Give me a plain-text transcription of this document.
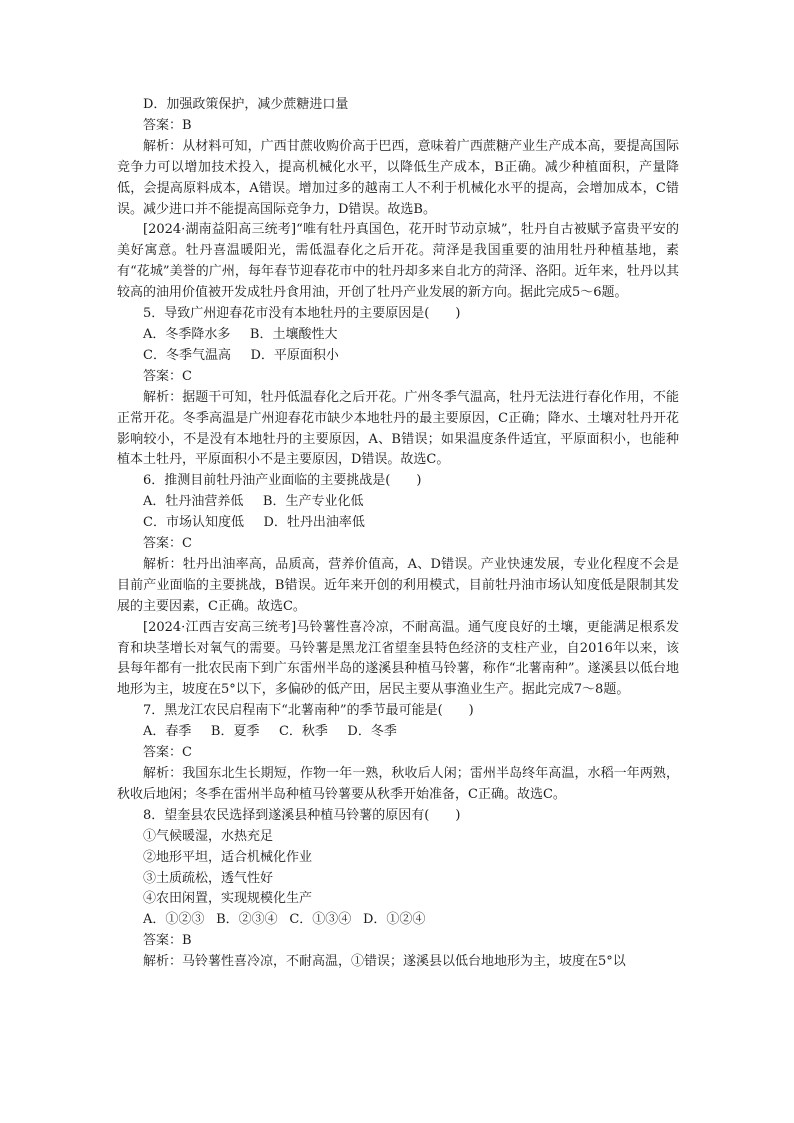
D．加强政策保护，减少蔗糖进口量

答案：B

解析：从材料可知，广西甘蔗收购价高于巴西，意味着广西蔗糖产业生产成本高，要提高国际竞争力可以增加技术投入，提高机械化水平，以降低生产成本，B正确。减少种植面积，产量降低，会提高原料成本，A错误。增加过多的越南工人不利于机械化水平的提高，会增加成本，C错误。减少进口并不能提高国际竞争力，D错误。故选B。

[2024·湖南益阳高三统考]“唯有牡丹真国色，花开时节动京城”，牡丹自古被赋予富贵平安的美好寓意。牡丹喜温暖阳光，需低温春化之后开花。菏泽是我国重要的油用牡丹种植基地，素有“花城”美誉的广州，每年春节迎春花市中的牡丹却多来自北方的菏泽、洛阳。近年来，牡丹以其较高的油用价值被开发成牡丹食用油，开创了牡丹产业发展的新方向。据此完成5～6题。

5．导致广州迎春花市没有本地牡丹的主要原因是(　　)

A．冬季降水多 B．土壤酸性大

C．冬季气温高 D．平原面积小

答案：C

解析：据题干可知，牡丹低温春化之后开花。广州冬季气温高，牡丹无法进行春化作用，不能正常开花。冬季高温是广州迎春花市缺少本地牡丹的最主要原因，C正确；降水、土壤对牡丹开花影响较小，不是没有本地牡丹的主要原因，A、B错误；如果温度条件适宜，平原面积小，也能种植本土牡丹，平原面积小不是主要原因，D错误。故选C。

6．推测目前牡丹油产业面临的主要挑战是(　　)

A．牡丹油营养低 B．生产专业化低

C．市场认知度低 D．牡丹出油率低

答案：C

解析：牡丹出油率高，品质高，营养价值高，A、D错误。产业快速发展，专业化程度不会是目前产业面临的主要挑战，B错误。近年来开创的利用模式，目前牡丹油市场认知度低是限制其发展的主要因素，C正确。故选C。

[2024·江西吉安高三统考]马铃薯性喜冷凉，不耐高温。通气度良好的土壤，更能满足根系发育和块茎增长对氧气的需要。马铃薯是黑龙江省望奎县特色经济的支柱产业，自2016年以来，该县每年都有一批农民南下到广东雷州半岛的遂溪县种植马铃薯，称作“北薯南种”。遂溪县以低台地地形为主，坡度在5°以下，多偏砂的低产田，居民主要从事渔业生产。据此完成7～8题。

7．黑龙江农民启程南下“北薯南种”的季节最可能是(　　)

A．春季 B．夏季 C．秋季 D．冬季

答案：C

解析：我国东北生长期短，作物一年一熟，秋收后人闲；雷州半岛终年高温，水稻一年两熟，秋收后地闲；冬季在雷州半岛种植马铃薯要从秋季开始准备，C正确。故选C。

8．望奎县农民选择到遂溪县种植马铃薯的原因有(　　)

①气候暖湿，水热充足

②地形平坦，适合机械化作业

③土质疏松，透气性好

④农田闲置，实现规模化生产

A．①②③ B．②③④ C．①③④ D．①②④

答案：B

解析：马铃薯性喜冷凉，不耐高温，①错误；遂溪县以低台地地形为主，坡度在5°以
